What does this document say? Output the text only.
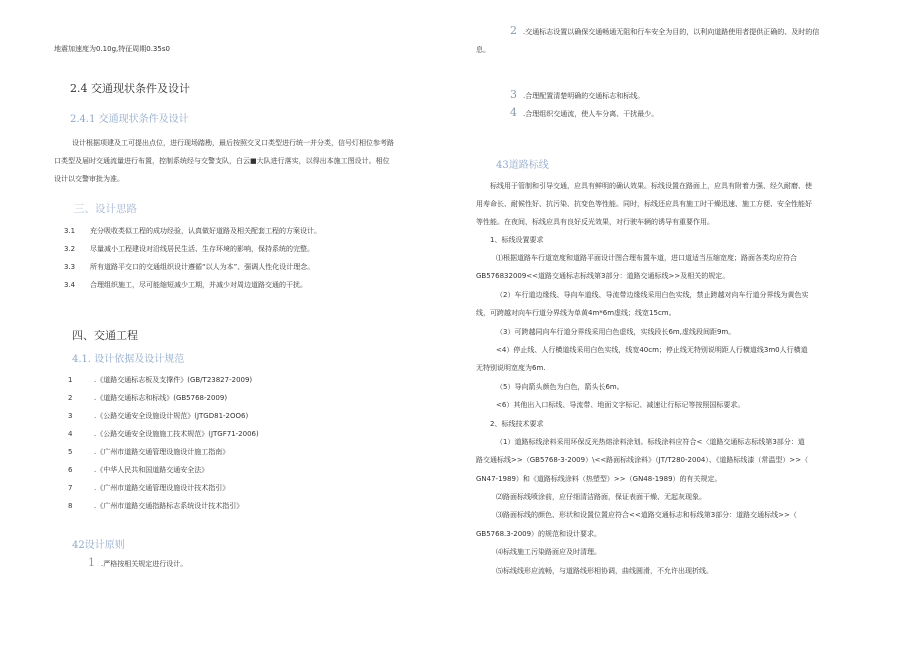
地震加速度为0.10g,特征周期0.35s0
2.4 交通现状条件及设计
2.4.1 交通现状条件及设计
设计根据项建及工可提出点位，进行现场踏勘，最后按照交叉口类型进行统一并分类，信号灯相位参考路
口类型及届时交通流量进行布置，控制系统经与交警支队，白云■大队进行落实，以得出本施工图设计。相位
设计以交警审批为准。
三、设计思路
3.1 充分吸收类似工程的成功经验，认真做好道路及相关配套工程的方案设计。
3.2 尽量减小工程建设对沿线居民生活、生存环境的影响，保持系统的完整。
3.3 所有道路平交口的交通组织设计遵循“以人为本”、强调人性化设计理念。
3.4 合理组织施工，尽可能缩短减少工期，并减少对周边道路交通的干扰。
四、交通工程
4.1. 设计依据及设计规范
1	.《道路交通标志板及支撑件》(GB/T23827-2009)
2	.《道路交通标志和标线》(GB5768-2009)
3	.《公路交通安全设施设计规范》(JTGD81-2OO6)
4	.《公路交通安全设施施工技术规范》(JTGF71-2006)
5	.《广州市道路交通管理设施设计施工指南》
6	.《中华人民共和国道路交通安全法》
7	.《广州市道路交通管理设施设计技术指引》
8	.《广州市道路交通指路标志系统设计技术指引》
42设计原则
1 .严格按相关规定进行设计。
2 .交通标志设置以确保交通畅通无阻和行车安全为目的，以利向道路使用者提供正确的、及时的信
息。
3 .合理配置清楚明确的交通标志和标线。
4 .合理组织交通流，使人车分离、干扰最少。
43道路标线
标线用于管制和引导交通，应具有鲜明的确认效果。标线设置在路面上，应具有附着力强、经久耐磨、使
用寿命长、耐候性好、抗污染、抗变色等性能。同时，标线还应具有施工时干燥迅速、施工方便、安全性能好
等性能。在夜间，标线应具有良好反光效果，对行驶车辆的诱导有重要作用。
1、标线设置要求
⑴根据道路车行道宽度和道路平面设计图合理布置车道，进口道适当压缩宽度；路面各类均应符合
GB576832009<<道路交通标志标线第3部分：道路交通标线>>及相关的规定。
（2）车行道边缘线、导向车道线、导流带边缘线采用白色实线，禁止跨越对向车行道分界线为黄色实
线，可跨越对向车行道分界线为单黄4m*6m虚线；线宽15cm。
（3）可跨越同向车行道分界线采用白色虚线，实线段长6m,虚线段间距9m。
<4）停止线、人行横道线采用白色实线，线宽40cm；停止线无特别说明距人行横道线3m0人行横道
无特别说明宽度为6m.
（5）导向箭头颜色为白色，箭头长6m。
<6）其他出入口标线、导流带、地面文字标记、减速让行标记等按照国标要求。
2、标线技术要求
（1）道路标线涂料采用环保反光热熔涂料涂划。标线涂料应符合<〈道路交通标志标线第3部分：道
路交通标线>>（GB5768-3-2009）\<<路面标线涂料》（JT/T280-2004）、《道路标线漆（常温型）>>（
GN47-1989）和《道路标线涂料（热塑型）>>（GN48-1989）的有关规定。
⑵路面标线喷涂前，应仔细清洁路面，保证表面干燥、无起灰现象。
⑶路面标线的颜色、形状和设置位置应符合<<道路交通标志和标线第3部分：道路交通标线>>（
GB5768.3-2009）的规范和设计要求。
⑷标线施工污染路面应及时清理。
⑸标线线形应流畅，与道路线形相协调，曲线圆滑，不允许出现折线。
